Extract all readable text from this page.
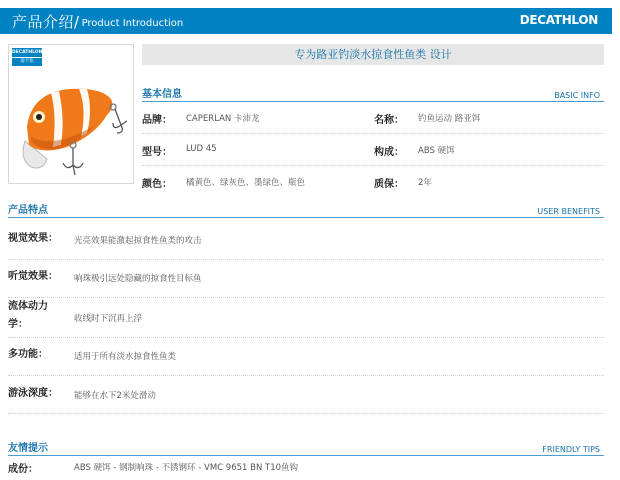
产品介绍/ Product Introduction	DECATHLON
DECATHLON
迪卡侬
专为路亚钓淡水掠食性鱼类 设计
基本信息	BASIC INFO
品牌： CAPERLAN 卡沛龙	名称： 钓鱼运动 路亚饵
型号： LUD 45	构成： ABS 硬饵
颜色： 橘黄色、绿灰色、墨绿色、瓶色	质保： 2年
产品特点	USER BENEFITS
视觉效果：	光亮效果能激起掠食性鱼类的攻击
听觉效果：	响珠极引远处隐藏的掠食性目标鱼
流体动力学：	收线时下沉再上浮
多功能：	适用于所有淡水掠食性鱼类
游泳深度：	能够在水下2米处滑动
友情提示	FRIENDLY TIPS
成份：	ABS 硬饵 - 钢制响珠 - 不锈钢环 - VMC 9651 BN T10鱼钩
